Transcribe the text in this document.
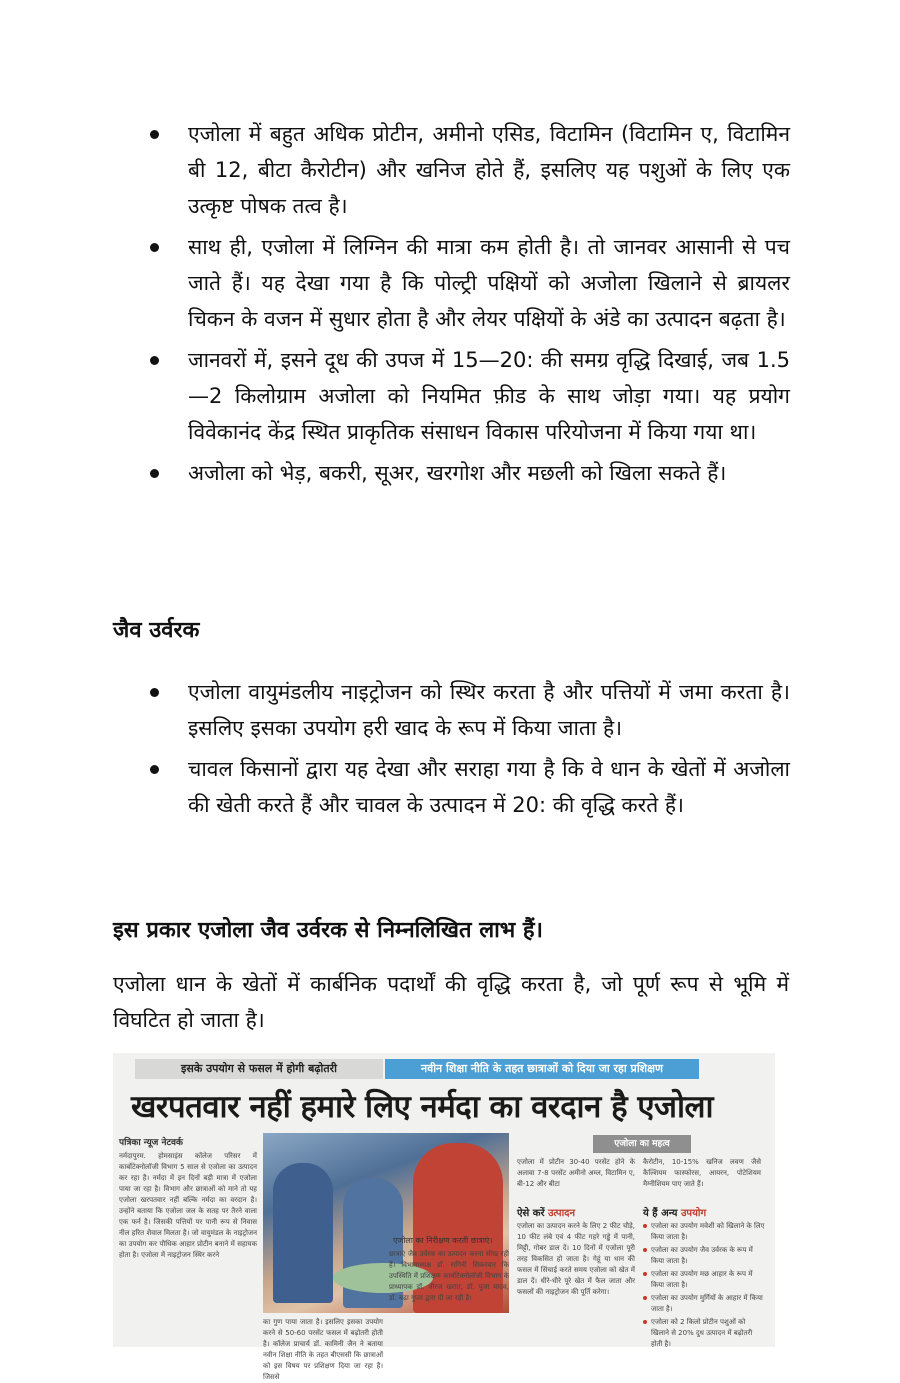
एजोला में बहुत अधिक प्रोटीन, अमीनो एसिड, विटामिन (विटामिन ए, विटामिन बी 12, बीटा कैरोटीन) और खनिज होते हैं, इसलिए यह पशुओं के लिए एक उत्कृष्ट पोषक तत्व है।
साथ ही, एजोला में लिग्निन की मात्रा कम होती है। तो जानवर आसानी से पच जाते हैं। यह देखा गया है कि पोल्ट्री पक्षियों को अजोला खिलाने से ब्रायलर चिकन के वजन में सुधार होता है और लेयर पक्षियों के अंडे का उत्पादन बढ़ता है।
जानवरों में, इसने दूध की उपज में 15—20: की समग्र वृद्धि दिखाई, जब 1.5—2 किलोग्राम अजोला को नियमित फ़ीड के साथ जोड़ा गया। यह प्रयोग विवेकानंद केंद्र स्थित प्राकृतिक संसाधन विकास परियोजना में किया गया था।
अजोला को भेड़, बकरी, सूअर, खरगोश और मछली को खिला सकते हैं।
जैव उर्वरक
एजोला वायुमंडलीय नाइट्रोजन को स्थिर करता है और पत्तियों में जमा करता है। इसलिए इसका उपयोग हरी खाद के रूप में किया जाता है।
चावल किसानों द्वारा यह देखा और सराहा गया है कि वे धान के खेतों में अजोला की खेती करते हैं और चावल के उत्पादन में 20: की वृद्धि करते हैं।
इस प्रकार एजोला जैव उर्वरक से निम्नलिखित लाभ हैं।
एजोला धान के खेतों में कार्बनिक पदार्थों की वृद्धि करता है, जो पूर्ण रूप से भूमि में विघटित हो जाता है।
इसके उपयोग से फसल में होगी बढ़ोतरी	नवीन शिक्षा नीति के तहत छात्राओं को दिया जा रहा प्रशिक्षण
खरपतवार नहीं हमारे लिए नर्मदा का वरदान है एजोला
पत्रिका न्यूज नेटवर्क
नर्मदापुरम. होमसाइंस कॉलेज परिसर में कार्बोटेक्नोलॉजी विभाग 5 साल से एजोला का उत्पादन कर रहा है। नर्मदा में इन दिनों बड़ी मात्रा में एजोला पाया जा रहा है। विभाग और छात्राओं को माने तो यह एजोला खरपतवार नहीं बल्कि नर्मदा का वरदान है। उन्होंने बताया कि एजोला जल के सतह पर तैरने वाला एक फर्न है। जिसकी पत्तियों पर पानी रूप से निवास नील हरित शैवाल मिलता है। जो वायुमंडल के नाइट्रोजन का उपयोग कर पौधिक आहार प्रोटीन बनाने में सहायक होता है। एजोला में नाइट्रोजन स्थिर करने
एजोला का निरीक्षण करती छात्राएं।
का गुण पाया जाता है। इसलिए इसका उपयोग करने से 50-60 परसेंट फसल में बढ़ोतरी होती है। कॉलेज प्राचार्य डॉ. कामिनी जैन ने बताया नवीन शिक्षा नीति के तहत बीएससी कि छात्राओं को इस विषय पर प्रशिक्षण दिया जा रहा है। जिससे
छात्राएं जैव उर्वरक का उत्पादन करना सीख रही हैं। विभागाध्यक्ष डॉ. रागिनी सिकरवार कि उपस्थिति में प्रशिक्षण कार्बोटेक्नोलॉजी विभाग के प्राध्यापक डॉ. धीरज खरात, डॉ. पूजा यादव, डॉ. बढ़ा गुप्ता द्वारा दी जा रही है।
एजोला का महत्व
एजोला में प्रोटीन 30-40 परसेंट होने के अलावा 7-8 परसेंट अमीनो अम्ल, विटामिन ए, बी-12 और बीटा
कैरोटीन, 10-15% खनिज लवण जैसे कैल्शियम फास्फोरस, आयरन, पोटेशियम मैग्नीशियम पाए जाते हैं।
ऐसे करें उत्पादन
एजोला का उत्पादन करने के लिए 2 फीट चौड़े, 10 फीट लंबे एवं 4 फीट गहरे गड्ढे में पानी, मिट्टी, गोबर डाल दें। 10 दिनों में एजोला पूरी तरह विकसित हो जाता है। गेहूं या धान की फसल में सिंचाई करते समय एजोला को खेत में डाल दें। धीरे-धीरे पूरे खेत में फैल जाता और फसलों की नाइट्रोजन की पूर्ति करेगा।
ये हैं अन्य उपयोग
एजोला का उपयोग मवेशी को खिलाने के लिए किया जाता है।
एजोला का उपयोग जैव उर्वरक के रूप में किया जाता है।
एजोला का उपयोग मछ आहार के रूप में किया जाता है।
एजोला का उपयोग मुर्गियों के आहार में किया जाता है।
एजोला को 2 किलो प्रोटीन पशुओं को खिलाने से 20% दुध उत्पादन में बढ़ोतरी होती है।
